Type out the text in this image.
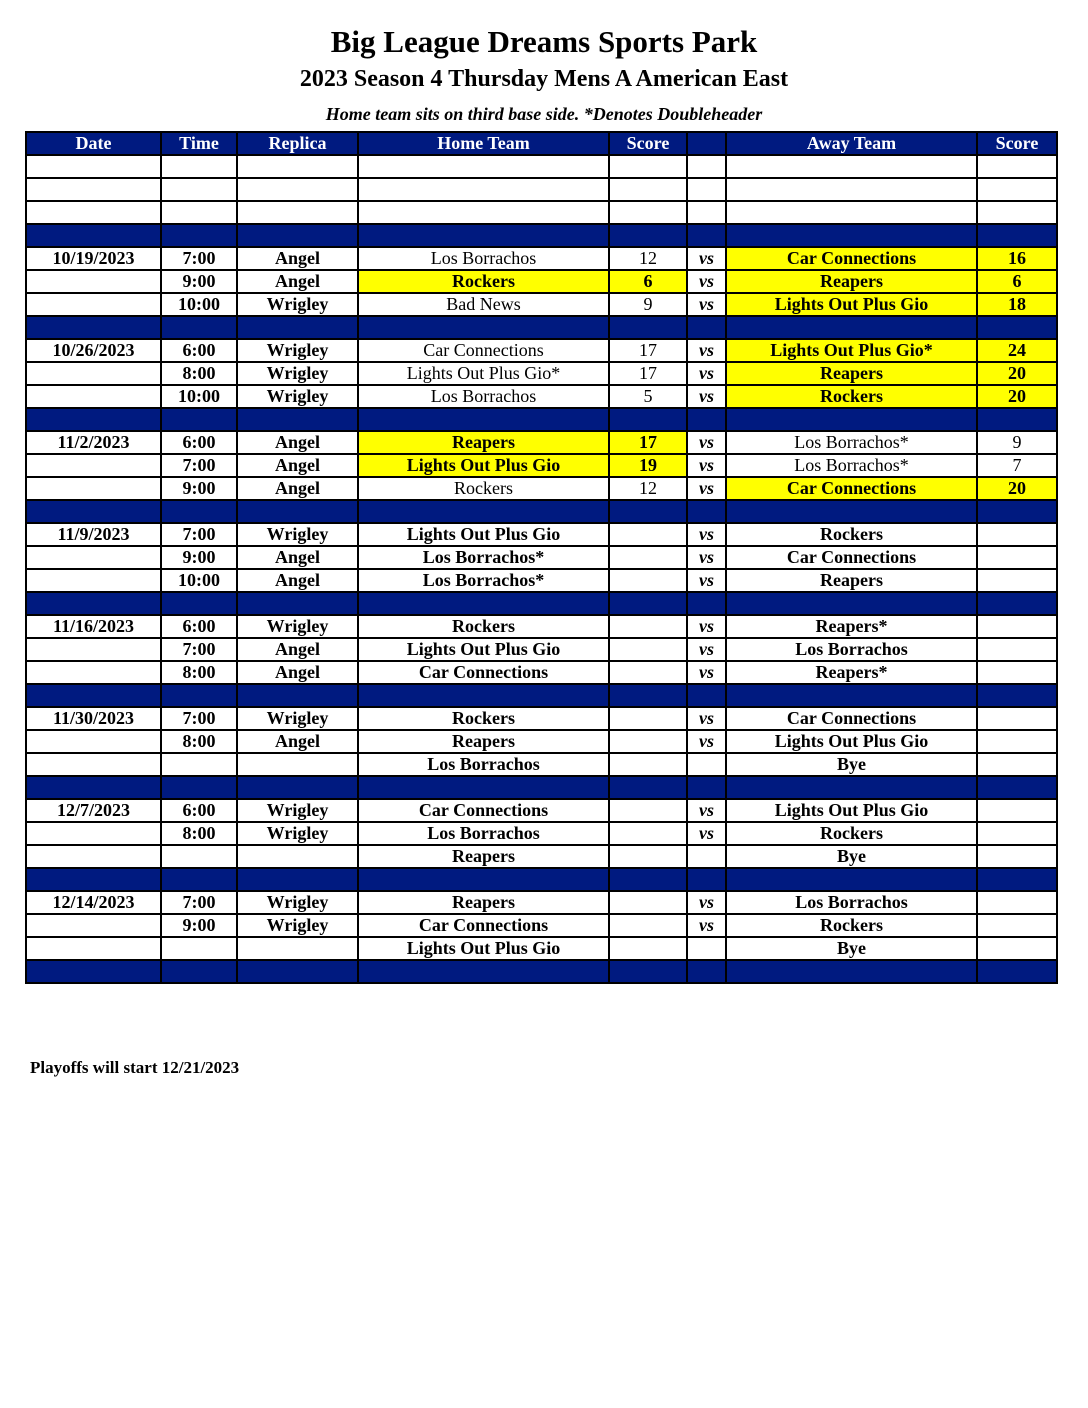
Big League Dreams Sports Park
2023 Season 4 Thursday Mens A American East
Home team sits on third base side. *Denotes Doubleheader
Date	Time	Replica	Home Team	Score		Away Team	Score

10/19/2023	7:00	Angel	Los Borrachos	12	vs	Car Connections	16
	9:00	Angel	Rockers	6	vs	Reapers	6
	10:00	Wrigley	Bad News	9	vs	Lights Out Plus Gio	18

10/26/2023	6:00	Wrigley	Car Connections	17	vs	Lights Out Plus Gio*	24
	8:00	Wrigley	Lights Out Plus Gio*	17	vs	Reapers	20
	10:00	Wrigley	Los Borrachos	5	vs	Rockers	20

11/2/2023	6:00	Angel	Reapers	17	vs	Los Borrachos*	9
	7:00	Angel	Lights Out Plus Gio	19	vs	Los Borrachos*	7
	9:00	Angel	Rockers	12	vs	Car Connections	20

11/9/2023	7:00	Wrigley	Lights Out Plus Gio		vs	Rockers	
	9:00	Angel	Los Borrachos*		vs	Car Connections	
	10:00	Angel	Los Borrachos*		vs	Reapers	

11/16/2023	6:00	Wrigley	Rockers		vs	Reapers*	
	7:00	Angel	Lights Out Plus Gio		vs	Los Borrachos	
	8:00	Angel	Car Connections		vs	Reapers*	

11/30/2023	7:00	Wrigley	Rockers		vs	Car Connections	
	8:00	Angel	Reapers		vs	Lights Out Plus Gio	
			Los Borrachos			Bye	

12/7/2023	6:00	Wrigley	Car Connections		vs	Lights Out Plus Gio	
	8:00	Wrigley	Los Borrachos		vs	Rockers	
			Reapers			Bye	

12/14/2023	7:00	Wrigley	Reapers		vs	Los Borrachos	
	9:00	Wrigley	Car Connections		vs	Rockers	
			Lights Out Plus Gio			Bye	

Playoffs will start 12/21/2023
